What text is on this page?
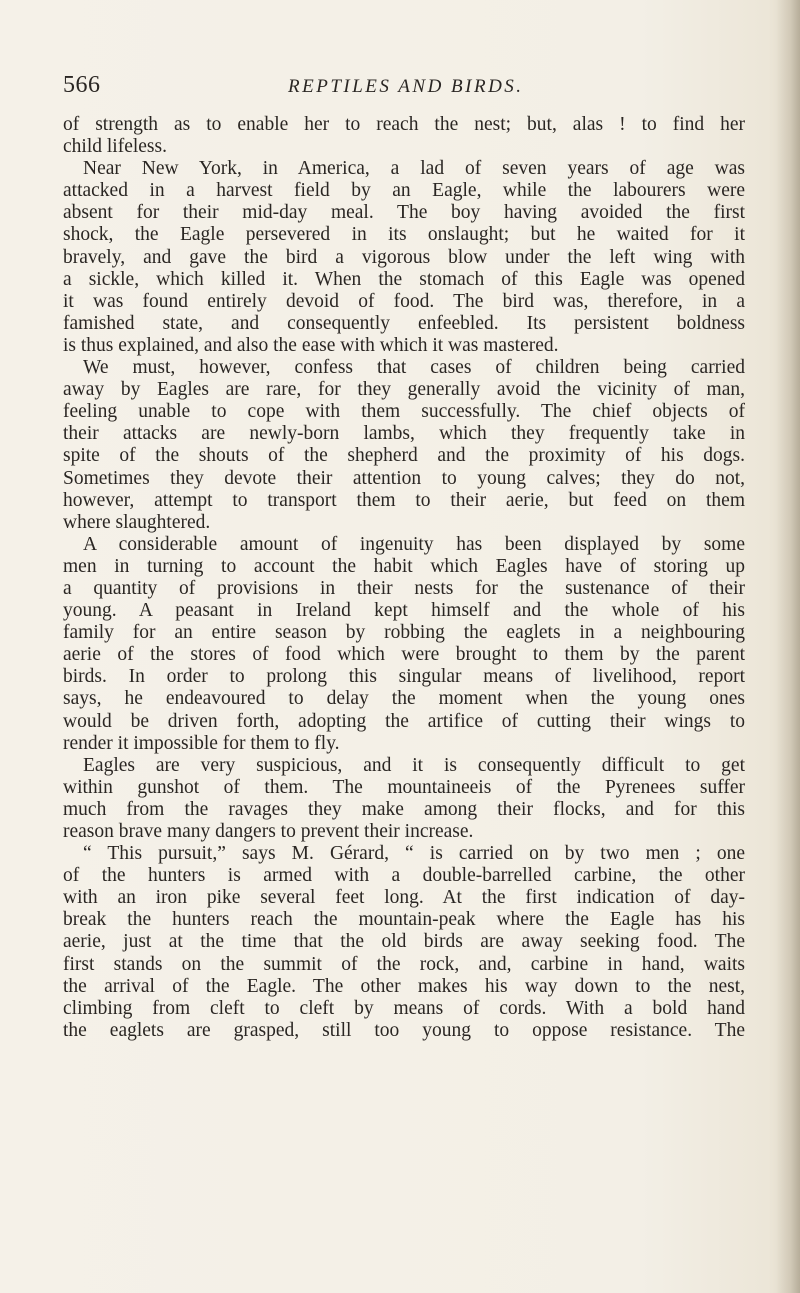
566	REPTILES AND BIRDS.
of strength as to enable her to reach the nest; but, alas ! to find her
child lifeless.
Near New York, in America, a lad of seven years of age was
attacked in a harvest field by an Eagle, while the labourers were
absent for their mid-day meal. The boy having avoided the first
shock, the Eagle persevered in its onslaught; but he waited for it
bravely, and gave the bird a vigorous blow under the left wing with
a sickle, which killed it. When the stomach of this Eagle was opened
it was found entirely devoid of food. The bird was, therefore, in a
famished state, and consequently enfeebled. Its persistent boldness
is thus explained, and also the ease with which it was mastered.
We must, however, confess that cases of children being carried
away by Eagles are rare, for they generally avoid the vicinity of man,
feeling unable to cope with them successfully. The chief objects of
their attacks are newly-born lambs, which they frequently take in
spite of the shouts of the shepherd and the proximity of his dogs.
Sometimes they devote their attention to young calves; they do not,
however, attempt to transport them to their aerie, but feed on them
where slaughtered.
A considerable amount of ingenuity has been displayed by some
men in turning to account the habit which Eagles have of storing up
a quantity of provisions in their nests for the sustenance of their
young. A peasant in Ireland kept himself and the whole of his
family for an entire season by robbing the eaglets in a neighbouring
aerie of the stores of food which were brought to them by the parent
birds. In order to prolong this singular means of livelihood, report
says, he endeavoured to delay the moment when the young ones
would be driven forth, adopting the artifice of cutting their wings to
render it impossible for them to fly.
Eagles are very suspicious, and it is consequently difficult to get
within gunshot of them. The mountaineeis of the Pyrenees suffer
much from the ravages they make among their flocks, and for this
reason brave many dangers to prevent their increase.
“ This pursuit,” says M. Gérard, “ is carried on by two men ; one
of the hunters is armed with a double-barrelled carbine, the other
with an iron pike several feet long. At the first indication of day-
break the hunters reach the mountain-peak where the Eagle has his
aerie, just at the time that the old birds are away seeking food. The
first stands on the summit of the rock, and, carbine in hand, waits
the arrival of the Eagle. The other makes his way down to the nest,
climbing from cleft to cleft by means of cords. With a bold hand
the eaglets are grasped, still too young to oppose resistance. The
